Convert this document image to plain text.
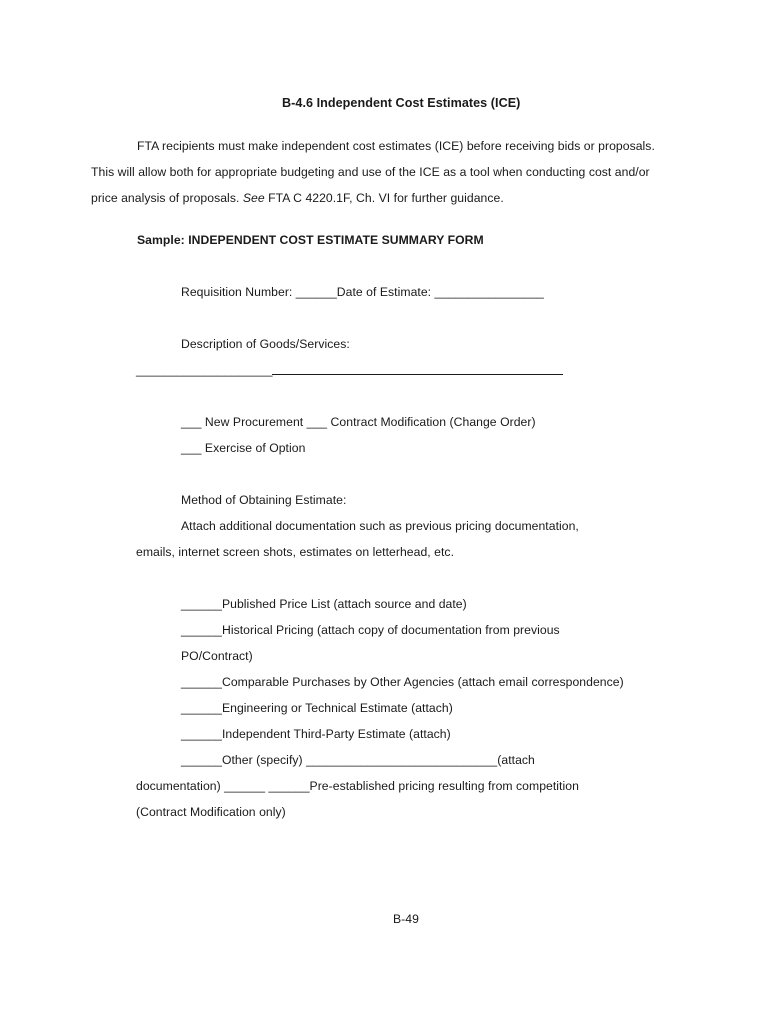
B-4.6 Independent Cost Estimates (ICE)
FTA recipients must make independent cost estimates (ICE) before receiving bids or proposals.
This will allow both for appropriate budgeting and use of the ICE as a tool when conducting cost and/or
price analysis of proposals. See FTA C 4220.1F, Ch. VI for further guidance.
Sample: INDEPENDENT COST ESTIMATE SUMMARY FORM
Requisition Number: ______Date of Estimate: ________________
Description of Goods/Services:
____________________
___ New Procurement ___ Contract Modification (Change Order)
___ Exercise of Option
Method of Obtaining Estimate:
Attach additional documentation such as previous pricing documentation,
emails, internet screen shots, estimates on letterhead, etc.
______Published Price List (attach source and date)
______Historical Pricing (attach copy of documentation from previous
PO/Contract)
______Comparable Purchases by Other Agencies (attach email correspondence)
______Engineering or Technical Estimate (attach)
______Independent Third-Party Estimate (attach)
______Other (specify) ____________________________(attach
documentation) ______ ______Pre-established pricing resulting from competition
(Contract Modification only)
B-49
